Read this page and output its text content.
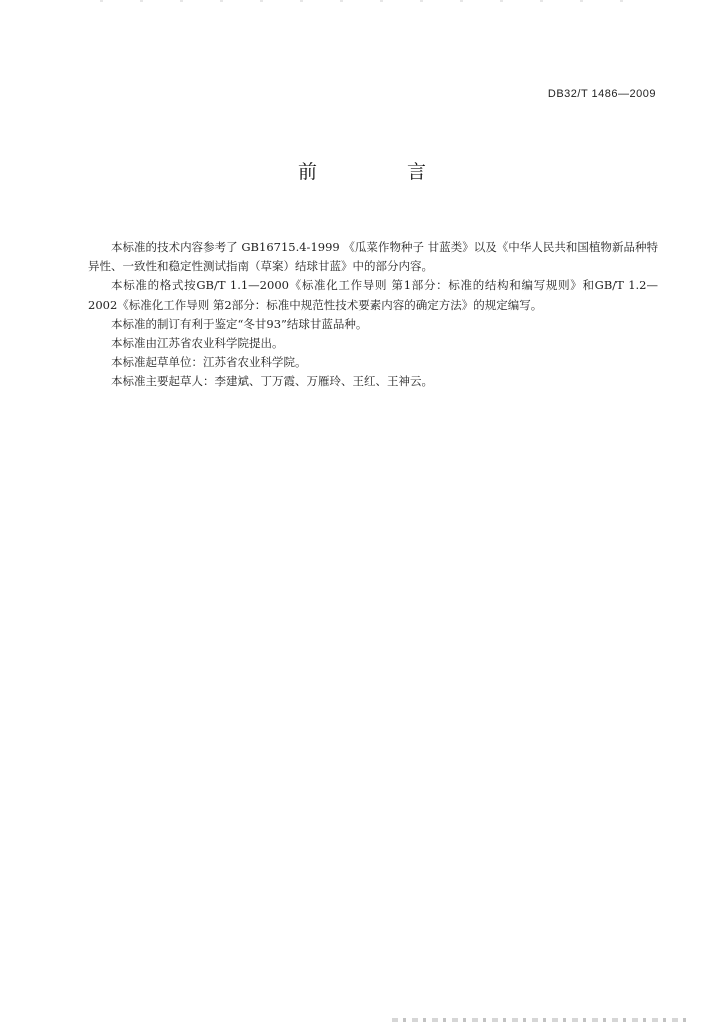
DB32/T 1486—2009
前 言

本标准的技术内容参考了 GB16715.4-1999 《瓜菜作物种子 甘蓝类》以及《中华人民共和国植物新品种特异性、一致性和稳定性测试指南（草案）结球甘蓝》中的部分内容。

本标准的格式按GB/T 1.1—2000《标准化工作导则 第1部分：标准的结构和编写规则》和GB/T 1.2—2002《标准化工作导则 第2部分：标准中规范性技术要素内容的确定方法》的规定编写。

本标准的制订有利于鉴定“冬甘93”结球甘蓝品种。

本标准由江苏省农业科学院提出。

本标准起草单位：江苏省农业科学院。

本标准主要起草人：李建斌、丁万霞、万雁玲、王红、王神云。
